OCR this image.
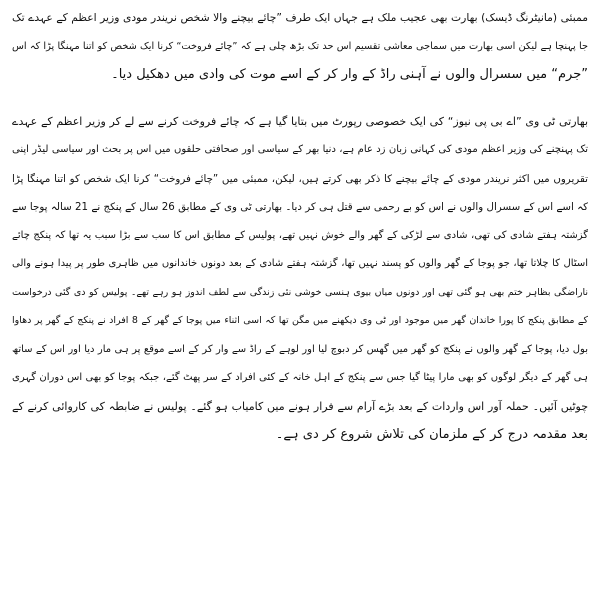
ممبئی (مانیٹرنگ ڈیسک) بھارت بھی عجیب ملک ہے جہاں ایک طرف ”چائے بیچنے والا شخص نریندر مودی وزیر اعظم کے عہدے تک
جا پہنچا ہے لیکن اسی بھارت میں سماجی معاشی تقسیم اس حد تک بڑھ چلی ہے کہ ”چائے فروخت“ کرنا ایک شخص کو اتنا مہنگا پڑا کہ اس
”جرم“ میں سسرال والوں نے آہنی راڈ کے وار کر کے اسے موت کی وادی میں دھکیل دیا۔
بھارتی ٹی وی ”اے بی پی نیوز“ کی ایک خصوصی رپورٹ میں بتایا گیا ہے کہ چائے فروخت کرنے سے لے کر وزیر اعظم کے عہدے
تک پہنچنے کی وزیر اعظم مودی کی کہانی زبان زد عام ہے، دنیا بھر کے سیاسی اور صحافتی حلقوں میں اس پر بحث اور سیاسی لیڈر اپنی
تقریروں میں اکثر نریندر مودی کے چائے بیچنے کا ذکر بھی کرتے ہیں، لیکن، ممبئی میں ”چائے فروخت“ کرنا ایک شخص کو اتنا مہنگا پڑا
کہ اسے اس کے سسرال والوں نے اس کو بے رحمی سے قتل ہی کر دیا۔ بھارتی ٹی وی کے مطابق 26 سال کے پنکج نے 21 سالہ پوجا سے
گزشتہ ہفتے شادی کی تھی، شادی سے لڑکی کے گھر والے خوش نہیں تھے، پولیس کے مطابق اس کا سب سے بڑا سبب یہ تھا کہ پنکج چائے
اسٹال کا چلاتا تھا، جو پوجا کے گھر والوں کو پسند نہیں تھا، گزشتہ ہفتے شادی کے بعد دونوں خاندانوں میں ظاہری طور پر پیدا ہونے والی
ناراضگی بظاہر ختم بھی ہو گئی تھی اور دونوں میاں بیوی ہنسی خوشی نئی زندگی سے لطف اندوز ہو رہے تھے۔ پولیس کو دی گئی درخواست
کے مطابق پنکج کا پورا خاندان گھر میں موجود اور ٹی وی دیکھنے میں مگن تھا کہ اسی اثناء میں پوجا کے گھر کے 8 افراد نے پنکج کے گھر پر دھاوا
بول دیا، پوجا کے گھر والوں نے پنکج کو گھر میں گھس کر دبوچ لیا اور لوہے کے راڈ سے وار کر کے اسے موقع پر ہی مار دیا اور اس کے ساتھ
ہی گھر کے دیگر لوگوں کو بھی مارا پیٹا گیا جس سے پنکج کے اہل خانہ کے کئی افراد کے سر پھٹ گئے، جبکہ پوجا کو بھی اس دوران گہری
چوٹیں آئیں۔ حملہ آور اس واردات کے بعد بڑے آرام سے فرار ہونے میں کامیاب ہو گئے۔ پولیس نے ضابطہ کی کاروائی کرنے کے
بعد مقدمہ درج کر کے ملزمان کی تلاش شروع کر دی ہے۔
